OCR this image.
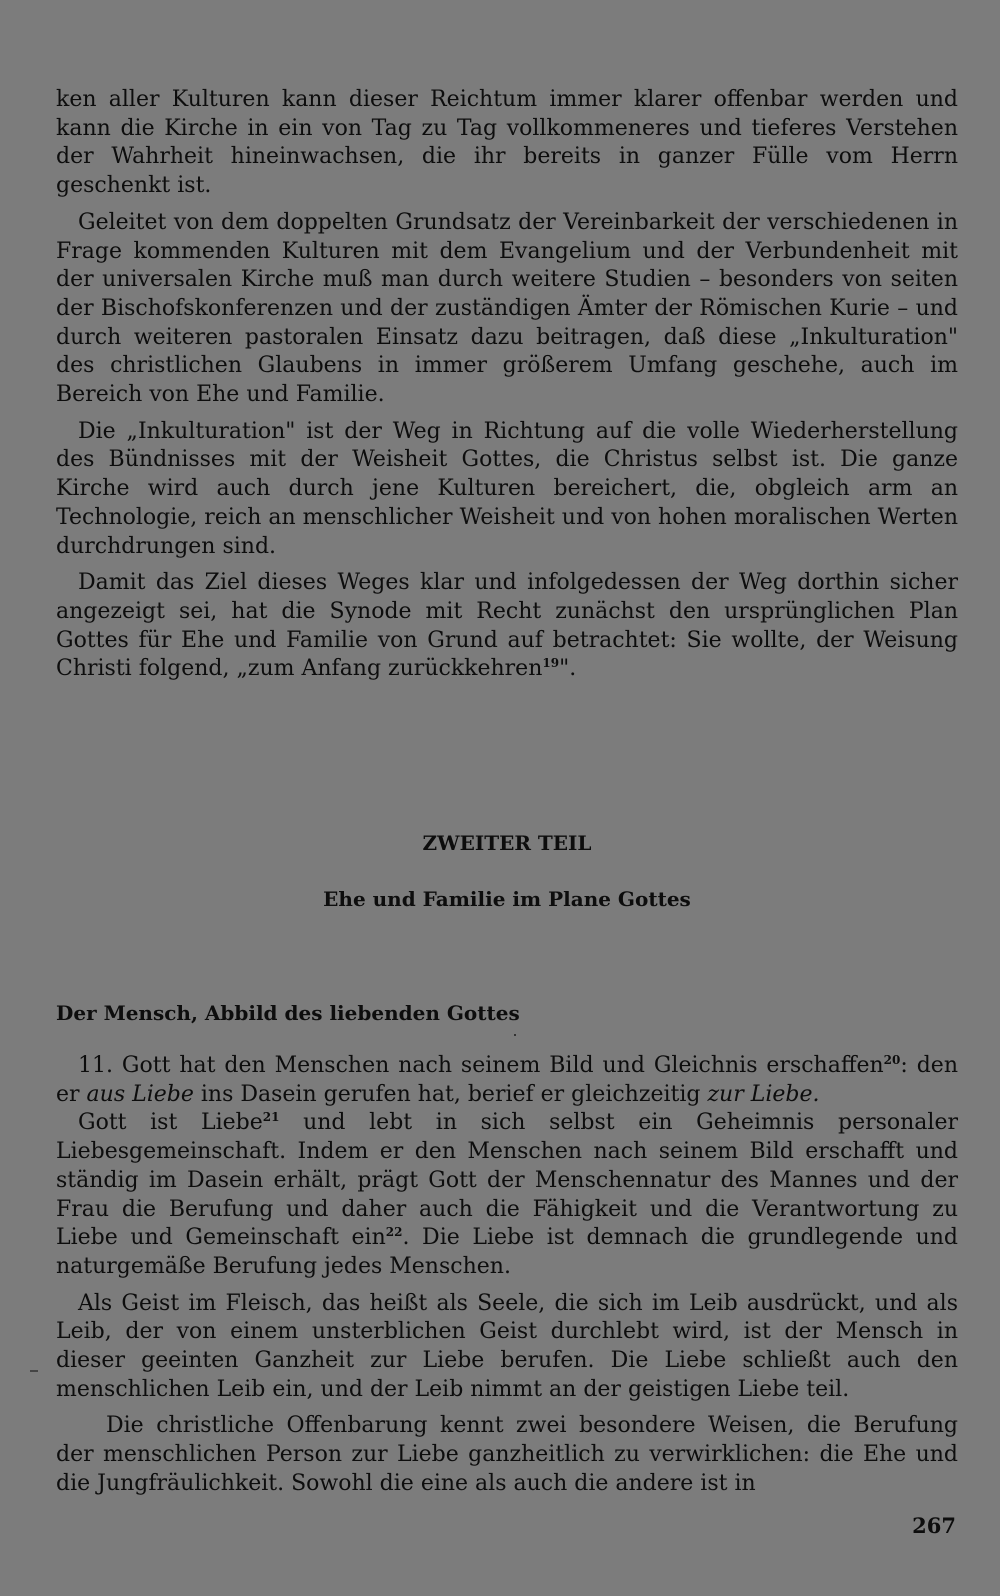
ken aller Kulturen kann dieser Reichtum immer klarer offenbar werden und kann die Kirche in ein von Tag zu Tag vollkommeneres und tieferes Verstehen der Wahrheit hineinwachsen, die ihr bereits in ganzer Fülle vom Herrn geschenkt ist.

Geleitet von dem doppelten Grundsatz der Vereinbarkeit der verschiedenen in Frage kommenden Kulturen mit dem Evangelium und der Verbundenheit mit der universalen Kirche muß man durch weitere Studien – besonders von seiten der Bischofskonferenzen und der zuständigen Ämter der Römischen Kurie – und durch weiteren pastoralen Einsatz dazu beitragen, daß diese „Inkulturation" des christlichen Glaubens in immer größerem Umfang geschehe, auch im Bereich von Ehe und Familie.

Die „Inkulturation" ist der Weg in Richtung auf die volle Wiederherstellung des Bündnisses mit der Weisheit Gottes, die Christus selbst ist. Die ganze Kirche wird auch durch jene Kulturen bereichert, die, obgleich arm an Technologie, reich an menschlicher Weisheit und von hohen moralischen Werten durchdrungen sind.

Damit das Ziel dieses Weges klar und infolgedessen der Weg dorthin sicher angezeigt sei, hat die Synode mit Recht zunächst den ursprünglichen Plan Gottes für Ehe und Familie von Grund auf betrachtet: Sie wollte, der Weisung Christi folgend, „zum Anfang zurückkehren$^{19}$".

ZWEITER TEIL
Ehe und Familie im Plane Gottes
Der Mensch, Abbild des liebenden Gottes

11. Gott hat den Menschen nach seinem Bild und Gleichnis erschaffen$^{20}$: den er aus Liebe ins Dasein gerufen hat, berief er gleichzeitig zur Liebe.

Gott ist Liebe$^{21}$ und lebt in sich selbst ein Geheimnis personaler Liebesgemeinschaft. Indem er den Menschen nach seinem Bild erschafft und ständig im Dasein erhält, prägt Gott der Menschennatur des Mannes und der Frau die Berufung und daher auch die Fähigkeit und die Verantwortung zu Liebe und Gemeinschaft ein$^{22}$. Die Liebe ist demnach die grundlegende und naturgemäße Berufung jedes Menschen.

Als Geist im Fleisch, das heißt als Seele, die sich im Leib ausdrückt, und als Leib, der von einem unsterblichen Geist durchlebt wird, ist der Mensch in dieser geeinten Ganzheit zur Liebe berufen. Die Liebe schließt auch den menschlichen Leib ein, und der Leib nimmt an der geistigen Liebe teil.

Die christliche Offenbarung kennt zwei besondere Weisen, die Berufung der menschlichen Person zur Liebe ganzheitlich zu verwirklichen: die Ehe und die Jungfräulichkeit. Sowohl die eine als auch die andere ist in

267
